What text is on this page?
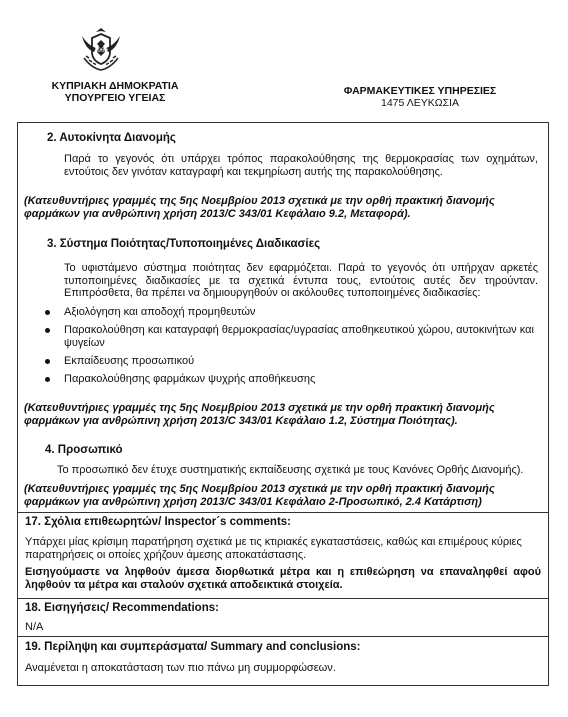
1960
ΚΥΠΡΙΑΚΗ ΔΗΜΟΚΡΑΤΙΑ
ΥΠΟΥΡΓΕΙΟ ΥΓΕΙΑΣ
ΦΑΡΜΑΚΕΥΤΙΚΕΣ ΥΠΗΡΕΣΙΕΣ
1475 ΛΕΥΚΩΣΙΑ
2. Αυτοκίνητα Διανομής
Παρά το γεγονός ότι υπάρχει τρόπος παρακολούθησης της θερμοκρασίας των οχημάτων, εντούτοις δεν γινόταν καταγραφή και τεκμηρίωση αυτής της παρακολούθησης.
(Κατευθυντήριες γραμμές της 5ης Νοεμβρίου 2013 σχετικά με την ορθή πρακτική διανομής
φαρμάκων για ανθρώπινη χρήση 2013/C 343/01 Κεφάλαιο 9.2, Μεταφορά).
3. Σύστημα Ποιότητας/Τυποποιημένες Διαδικασίες
Το υφιστάμενο σύστημα ποιότητας δεν εφαρμόζεται. Παρά το γεγονός ότι υπήρχαν αρκετές τυποποιημένες διαδικασίες με τα σχετικά έντυπα τους, εντούτοις αυτές δεν τηρούνταν. Επιπρόσθετα, θα πρέπει να δημιουργηθούν οι ακόλουθες τυποποιημένες διαδικασίες:
Αξιολόγηση και αποδοχή προμηθευτών
Παρακολούθηση και καταγραφή θερμοκρασίας/υγρασίας αποθηκευτικού χώρου, αυτοκινήτων και ψυγείων
Εκπαίδευσης προσωπικού
Παρακολούθησης φαρμάκων ψυχρής αποθήκευσης
(Κατευθυντήριες γραμμές της 5ης Νοεμβρίου 2013 σχετικά με την ορθή πρακτική διανομής
φαρμάκων για ανθρώπινη χρήση 2013/C 343/01 Κεφάλαιο 1.2, Σύστημα Ποιότητας).
4. Προσωπικό
Το προσωπικό δεν έτυχε συστηματικής εκπαίδευσης σχετικά με τους Κανόνες Ορθής Διανομής).
(Κατευθυντήριες γραμμές της 5ης Νοεμβρίου 2013 σχετικά με την ορθή πρακτική διανομής
φαρμάκων για ανθρώπινη χρήση 2013/C 343/01 Κεφάλαιο 2-Προσωπικό, 2.4 Κατάρτιση)
17. Σχόλια επιθεωρητών/ Inspector´s comments:
Υπάρχει μίας κρίσιμη παρατήρηση σχετικά με τις κτιριακές εγκαταστάσεις, καθώς και επιμέρους κύριες παρατηρήσεις οι οποίες χρήζουν άμεσης αποκατάστασης.
Εισηγούμαστε να ληφθούν άμεσα διορθωτικά μέτρα και η επιθεώρηση να επαναληφθεί αφού ληφθούν τα μέτρα και σταλούν σχετικά αποδεικτικά στοιχεία.
18. Εισηγήσεις/ Recommendations:
N/A
19. Περίληψη και συμπεράσματα/ Summary and conclusions:
Αναμένεται η αποκατάσταση των πιο πάνω μη συμμορφώσεων.
